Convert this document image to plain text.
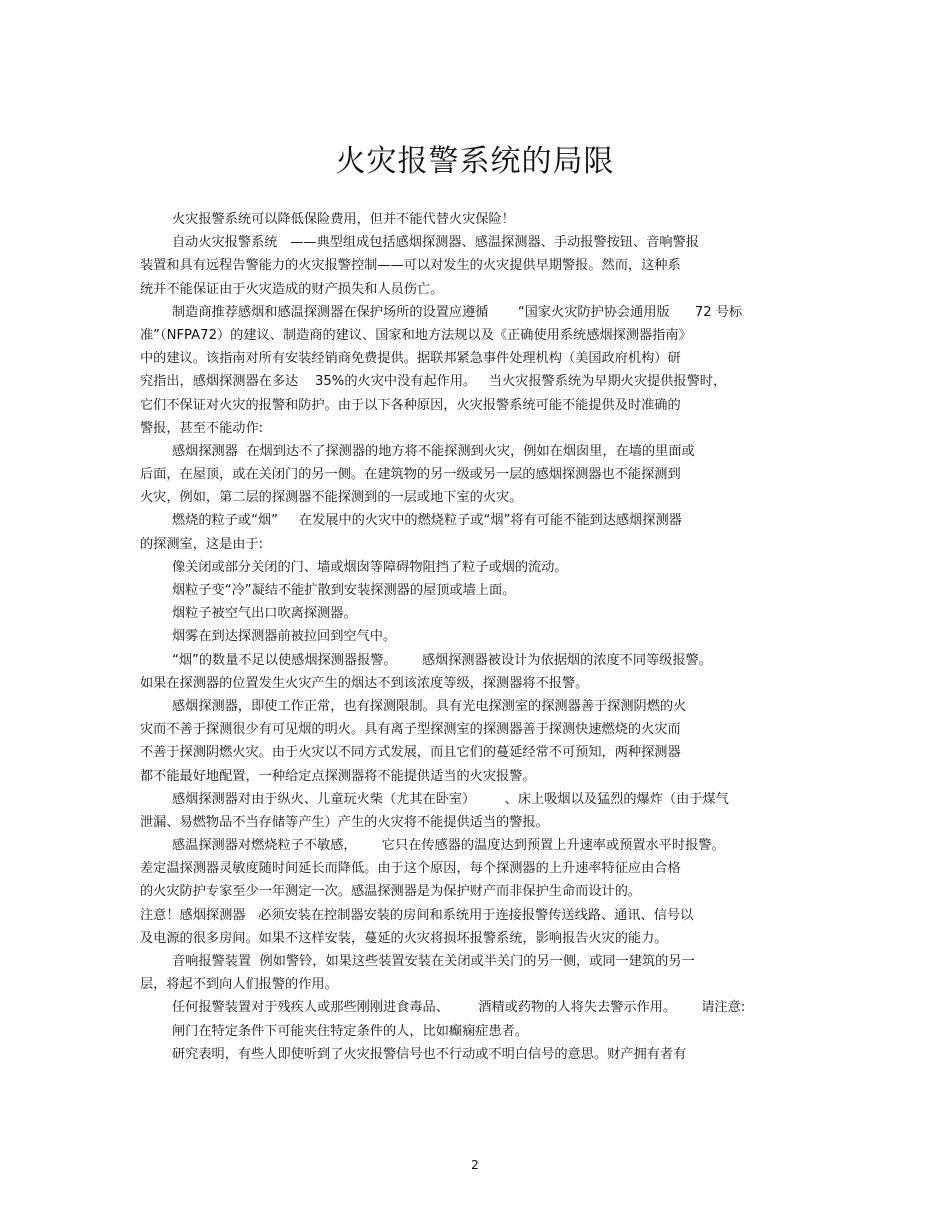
火灾报警系统的局限
火灾报警系统可以降低保险费用，但并不能代替火灾保险！
自动火灾报警系统   ——典型组成包括感烟探测器、感温探测器、手动报警按钮、音响警报
装置和具有远程告警能力的火灾报警控制——可以对发生的火灾提供早期警报。然而，这种系
统并不能保证由于火灾造成的财产损失和人员伤亡。
制造商推荐感烟和感温探测器在保护场所的设置应遵循       “国家火灾防护协会通用版      72 号标
准”（NFPA72）的建议、制造商的建议、国家和地方法规以及《正确使用系统感烟探测器指南》
中的建议。该指南对所有安装经销商免费提供。据联邦紧急事件处理机构（美国政府机构）研
究指出，感烟探测器在多达    35%的火灾中没有起作用。   当火灾报警系统为早期火灾提供报警时，
它们不保证对火灾的报警和防护。由于以下各种原因，火灾报警系统可能不能提供及时准确的
警报，甚至不能动作:
感烟探测器  在烟到达不了探测器的地方将不能探测到火灾，例如在烟囱里，在墙的里面或
后面，在屋顶，或在关闭门的另一侧。在建筑物的另一级或另一层的感烟探测器也不能探测到
火灾，例如，第二层的探测器不能探测到的一层或地下室的火灾。
燃烧的粒子或“烟”     在发展中的火灾中的燃烧粒子或“烟”将有可能不能到达感烟探测器
的探测室，这是由于:
像关闭或部分关闭的门、墙或烟囱等障碍物阻挡了粒子或烟的流动。
烟粒子变“冷”凝结不能扩散到安装探测器的屋顶或墙上面。
烟粒子被空气出口吹离探测器。
烟雾在到达探测器前被拉回到空气中。
“烟”的数量不足以使感烟探测器报警。      感烟探测器被设计为依据烟的浓度不同等级报警。
如果在探测器的位置发生火灾产生的烟达不到该浓度等级，探测器将不报警。
感烟探测器，即使工作正常，也有探测限制。具有光电探测室的探测器善于探测阴燃的火
灾而不善于探测很少有可见烟的明火。具有离子型探测室的探测器善于探测快速燃烧的火灾而
不善于探测阴燃火灾。由于火灾以不同方式发展，而且它们的蔓延经常不可预知，两种探测器
都不能最好地配置，一种给定点探测器将不能提供适当的火灾报警。
感烟探测器对由于纵火、儿童玩火柴（尤其在卧室）       、床上吸烟以及猛烈的爆炸（由于煤气
泄漏、易燃物品不当存储等产生）产生的火灾将不能提供适当的警报。
感温探测器对燃烧粒子不敏感，      它只在传感器的温度达到预置上升速率或预置水平时报警。
差定温探测器灵敏度随时间延长而降低。由于这个原因，每个探测器的上升速率特征应由合格
的火灾防护专家至少一年测定一次。感温探测器是为保护财产而非保护生命而设计的。
注意！感烟探测器   必须安装在控制器安装的房间和系统用于连接报警传送线路、通讯、信号以
及电源的很多房间。如果不这样安装，蔓延的火灾将损坏报警系统，影响报告火灾的能力。
音响报警装置  例如警铃，如果这些装置安装在关闭或半关门的另一侧，或同一建筑的另一
层，将起不到向人们报警的作用。
任何报警装置对于残疾人或那些刚刚进食毒品、       酒精或药物的人将失去警示作用。      请注意:
闸门在特定条件下可能夹住特定条件的人，比如癫痫症患者。
研究表明，有些人即使听到了火灾报警信号也不行动或不明白信号的意思。财产拥有者有
2
